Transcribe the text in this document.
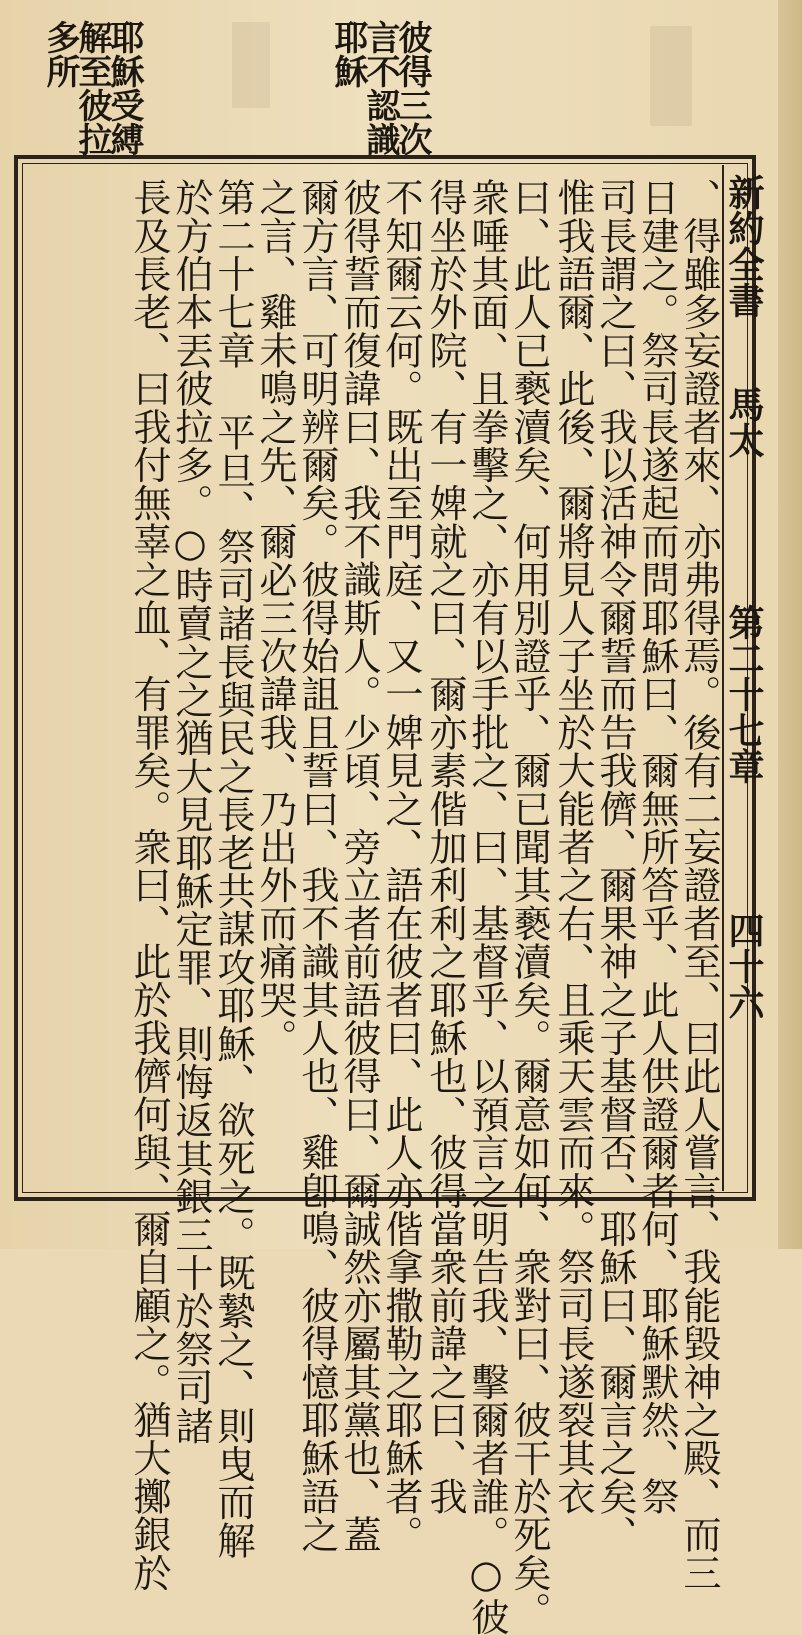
彼得三次
言不認識
耶穌
耶穌受縛
解至彼拉
多所
新約全書
馬太
第二十七章
四十六
、得雖多妄證者來、亦弗得焉。後有二妄證者至、曰此人嘗言、我能毀神之殿、而三
日建之。祭司長遂起而問耶穌曰、爾無所答乎、此人供證爾者何、耶穌默然、祭
司長謂之曰、我以活神令爾誓而告我儕、爾果神之子基督否、耶穌曰、爾言之矣、
惟我語爾、此後、爾將見人子坐於大能者之右、且乘天雲而來。祭司長遂裂其衣
曰、此人已褻瀆矣、何用別證乎、爾已聞其褻瀆矣。爾意如何、衆對曰、彼干於死矣。
衆唾其面、且拳擊之、亦有以手批之、曰、基督乎、以預言之明告我、擊爾者誰。○彼
得坐於外院、有一婢就之曰、爾亦素偕加利利之耶穌也、彼得當衆前諱之曰、我
不知爾云何。既出至門庭、又一婢見之、語在彼者曰、此人亦偕拿撒勒之耶穌者。
彼得誓而復諱曰、我不識斯人。少頃、旁立者前語彼得曰、爾誠然亦屬其黨也、蓋
爾方言、可明辨爾矣。彼得始詛且誓曰、我不識其人也、雞卽鳴、彼得憶耶穌語之
之言、雞未鳴之先、爾必三次諱我、乃出外而痛哭。
第二十七章 平旦、祭司諸長與民之長老共謀攻耶穌、欲死之。既縶之、則曳而解
於方伯本丟彼拉多。○時賣之之猶大見耶穌定罪、則悔返其銀三十於祭司諸
長及長老、曰我付無辜之血、有罪矣。衆曰、此於我儕何與、爾自顧之。猶大擲銀於
